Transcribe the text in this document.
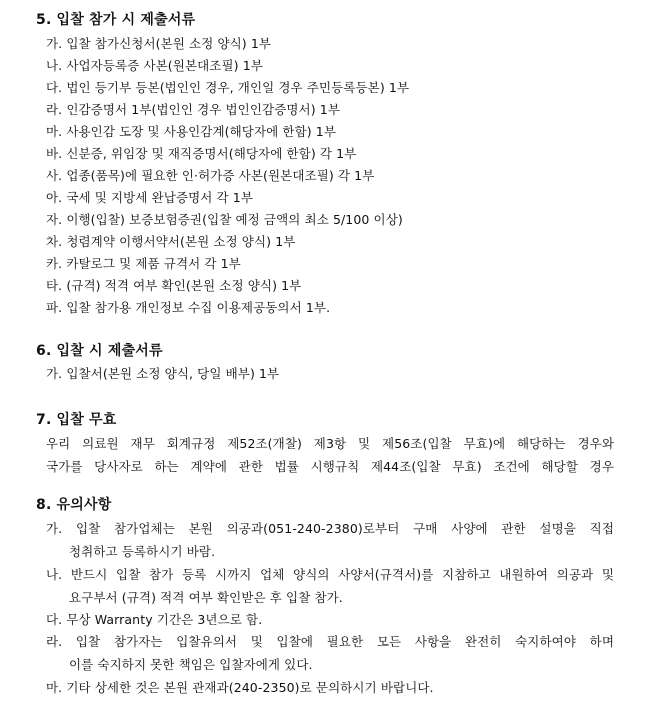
5. 입찰 참가 시 제출서류
가. 입찰 참가신청서(본원 소정 양식) 1부
나. 사업자등록증 사본(원본대조필) 1부
다. 법인 등기부 등본(법인인 경우, 개인일 경우 주민등록등본) 1부
라. 인감증명서 1부(법인인 경우 법인인감증명서) 1부
마. 사용인감 도장 및 사용인감계(해당자에 한함) 1부
바. 신분증, 위임장 및 재직증명서(해당자에 한함) 각 1부
사. 업종(품목)에 필요한 인·허가증 사본(원본대조필) 각 1부
아. 국세 및 지방세 완납증명서 각 1부
자. 이행(입찰) 보증보험증권(입찰 예정 금액의 최소 5/100 이상)
차. 청렴계약 이행서약서(본원 소정 양식) 1부
카. 카탈로그 및 제품 규격서 각 1부
타. (규격) 적격 여부 확인(본원 소정 양식) 1부
파. 입찰 참가용 개인정보 수집 이용제공동의서 1부.
6. 입찰 시 제출서류
가. 입찰서(본원 소정 양식, 당일 배부) 1부
7. 입찰 무효
우리 의료원 재무 회계규정 제52조(개찰) 제3항 및 제56조(입찰 무효)에 해당하는 경우와
국가를 당사자로 하는 계약에 관한 법률 시행규칙 제44조(입찰 무효) 조건에 해당할 경우
8. 유의사항
가. 입찰 참가업체는 본원 의공과(051-240-2380)로부터 구매 사양에 관한 설명을 직접
청취하고 등록하시기 바람.
나. 반드시 입찰 참가 등록 시까지 업체 양식의 사양서(규격서)를 지참하고 내원하여 의공과 및
요구부서 (규격) 적격 여부 확인받은 후 입찰 참가.
다. 무상 Warranty 기간은 3년으로 함.
라. 입찰 참가자는 입찰유의서 및 입찰에 필요한 모든 사항을 완전히 숙지하여야 하며
이를 숙지하지 못한 책임은 입찰자에게 있다.
마. 기타 상세한 것은 본원 관재과(240-2350)로 문의하시기 바랍니다.
